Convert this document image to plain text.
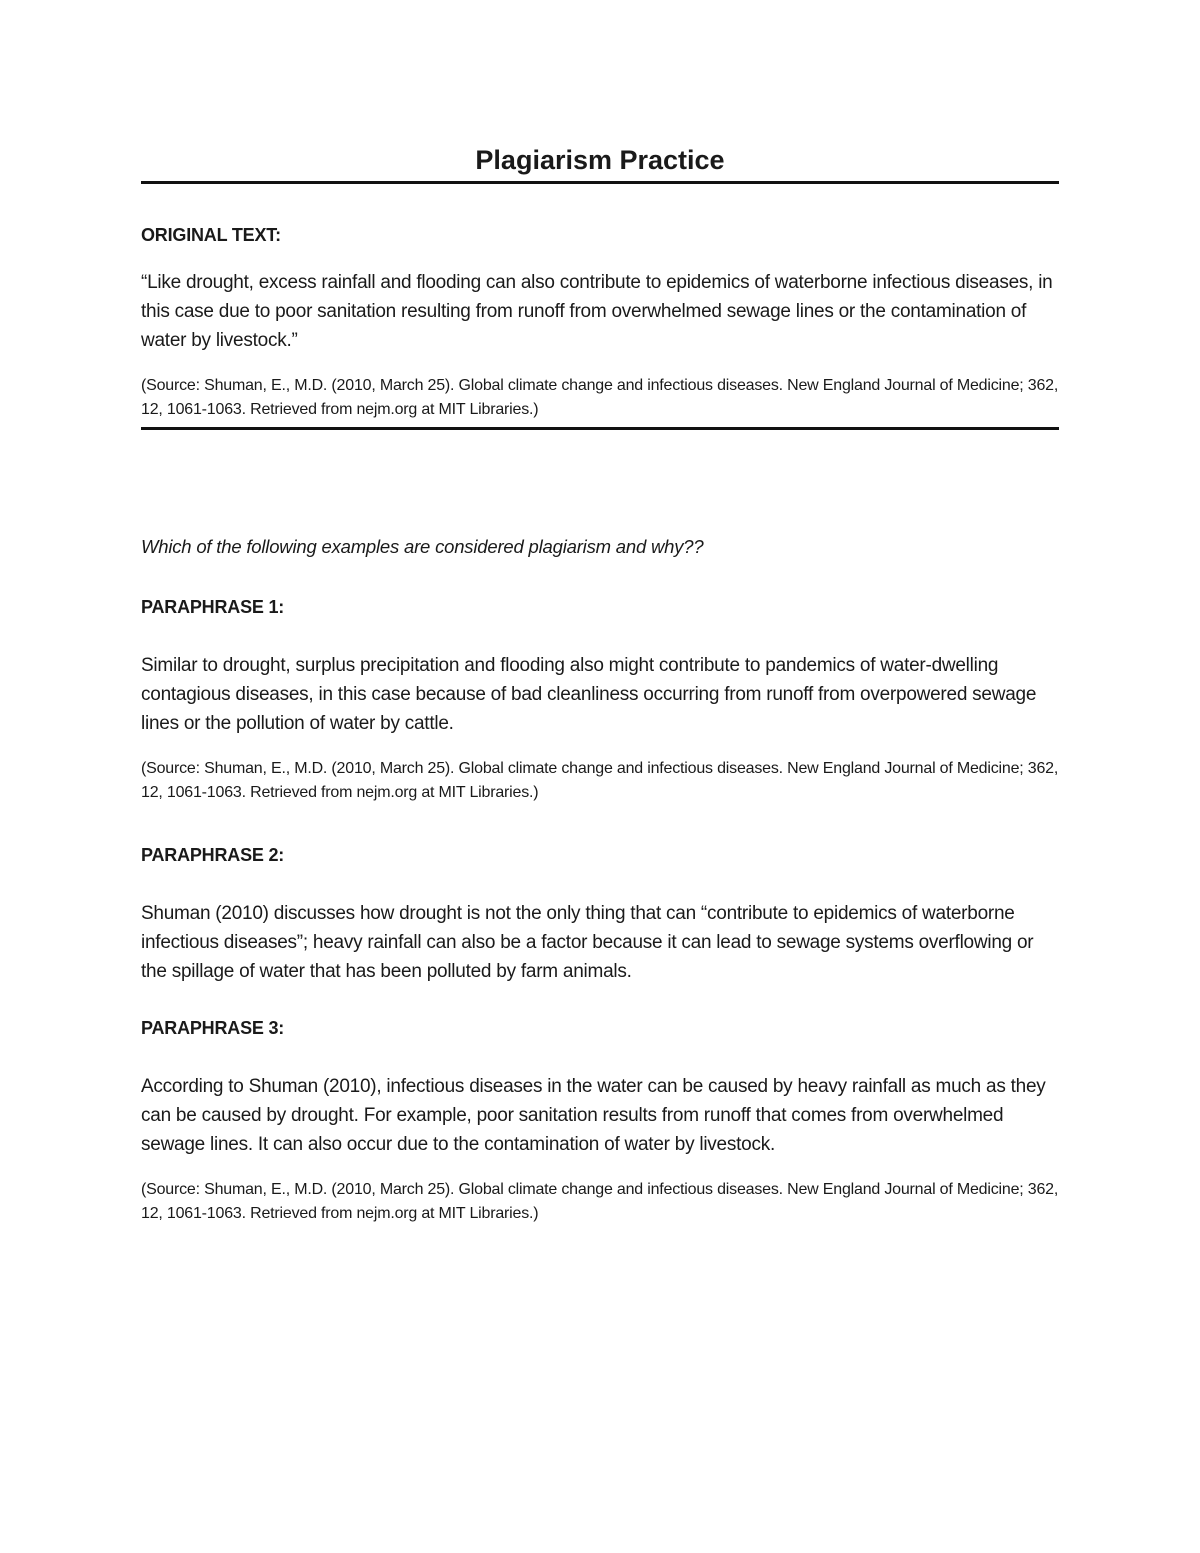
Plagiarism Practice

ORIGINAL TEXT:

“Like drought, excess rainfall and flooding can also contribute to epidemics of waterborne infectious diseases, in this case due to poor sanitation resulting from runoff from overwhelmed sewage lines or the contamination of water by livestock.”

(Source: Shuman, E., M.D. (2010, March 25). Global climate change and infectious diseases. New England Journal of Medicine; 362, 12, 1061-1063. Retrieved from nejm.org at MIT Libraries.)

Which of the following examples are considered plagiarism and why??

PARAPHRASE 1:

Similar to drought, surplus precipitation and flooding also might contribute to pandemics of water-dwelling contagious diseases, in this case because of bad cleanliness occurring from runoff from overpowered sewage lines or the pollution of water by cattle.

(Source: Shuman, E., M.D. (2010, March 25). Global climate change and infectious diseases. New England Journal of Medicine; 362, 12, 1061-1063. Retrieved from nejm.org at MIT Libraries.)

PARAPHRASE 2:

Shuman (2010) discusses how drought is not the only thing that can “contribute to epidemics of waterborne infectious diseases”; heavy rainfall can also be a factor because it can lead to sewage systems overflowing or the spillage of water that has been polluted by farm animals.

PARAPHRASE 3:

According to Shuman (2010), infectious diseases in the water can be caused by heavy rainfall as much as they can be caused by drought. For example, poor sanitation results from runoff that comes from overwhelmed sewage lines. It can also occur due to the contamination of water by livestock.

(Source: Shuman, E., M.D. (2010, March 25). Global climate change and infectious diseases. New England Journal of Medicine; 362, 12, 1061-1063. Retrieved from nejm.org at MIT Libraries.)
